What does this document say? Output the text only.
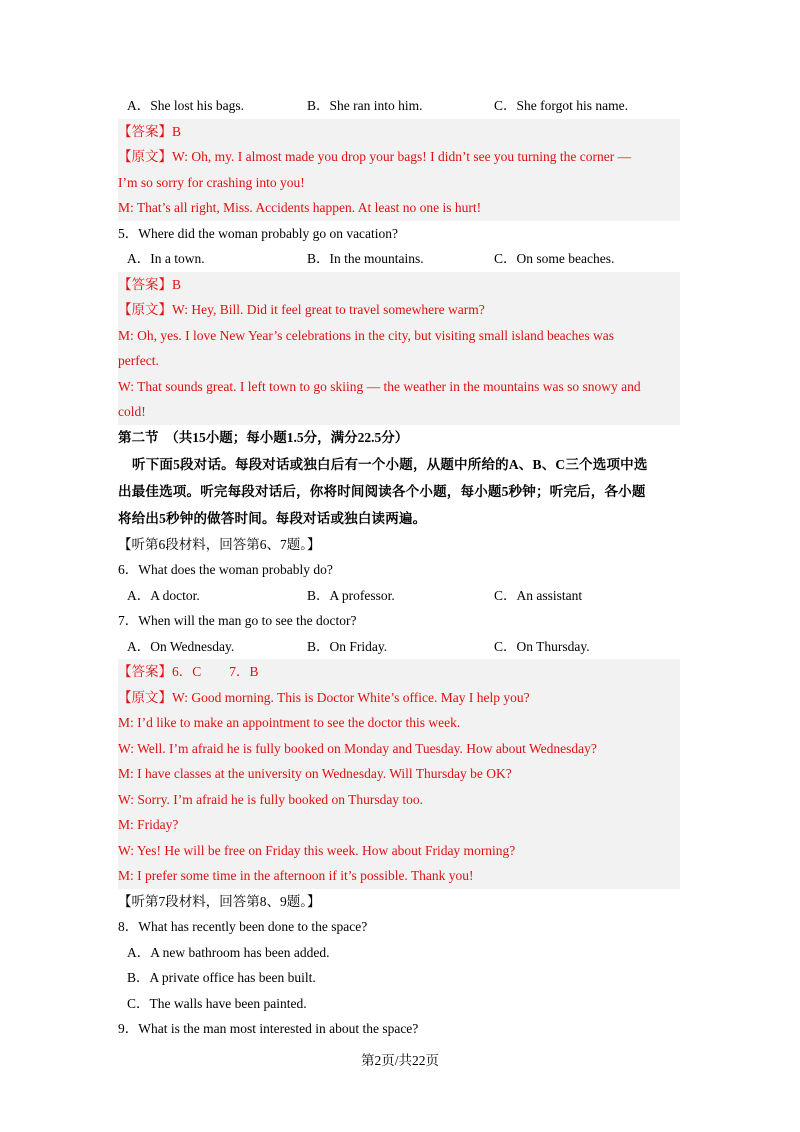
A．She lost his bags.	B．She ran into him.	C．She forgot his name.
【答案】B
【原文】W: Oh, my. I almost made you drop your bags! I didn’t see you turning the corner —
I’m so sorry for crashing into you!
M: That’s all right, Miss. Accidents happen. At least no one is hurt!
5．Where did the woman probably go on vacation?
A．In a town.	B．In the mountains.	C．On some beaches.
【答案】B
【原文】W: Hey, Bill. Did it feel great to travel somewhere warm?
M: Oh, yes. I love New Year’s celebrations in the city, but visiting small island beaches was
perfect.
W: That sounds great. I left town to go skiing — the weather in the mountains was so snowy and
cold!
第二节　（共15小题；每小题1.5分，满分22.5分）
听下面5段对话。每段对话或独白后有一个小题，从题中所给的A、B、C三个选项中选
出最佳选项。听完每段对话后，你将时间阅读各个小题，每小题5秒钟；听完后，各小题
将给出5秒钟的做答时间。每段对话或独白读两遍。
【听第6段材料，回答第6、7题。】
6．What does the woman probably do?
A．A doctor.	B．A professor.	C．An assistant
7．When will the man go to see the doctor?
A．On Wednesday.	B．On Friday.	C．On Thursday.
【答案】6．C 7．B
【原文】W: Good morning. This is Doctor White’s office. May I help you?
M: I’d like to make an appointment to see the doctor this week.
W: Well. I’m afraid he is fully booked on Monday and Tuesday. How about Wednesday?
M: I have classes at the university on Wednesday. Will Thursday be OK?
W: Sorry. I’m afraid he is fully booked on Thursday too.
M: Friday?
W: Yes! He will be free on Friday this week. How about Friday morning?
M: I prefer some time in the afternoon if it’s possible. Thank you!
【听第7段材料，回答第8、9题。】
8．What has recently been done to the space?
A．A new bathroom has been added.
B．A private office has been built.
C．The walls have been painted.
9．What is the man most interested in about the space?
第2页/共22页
